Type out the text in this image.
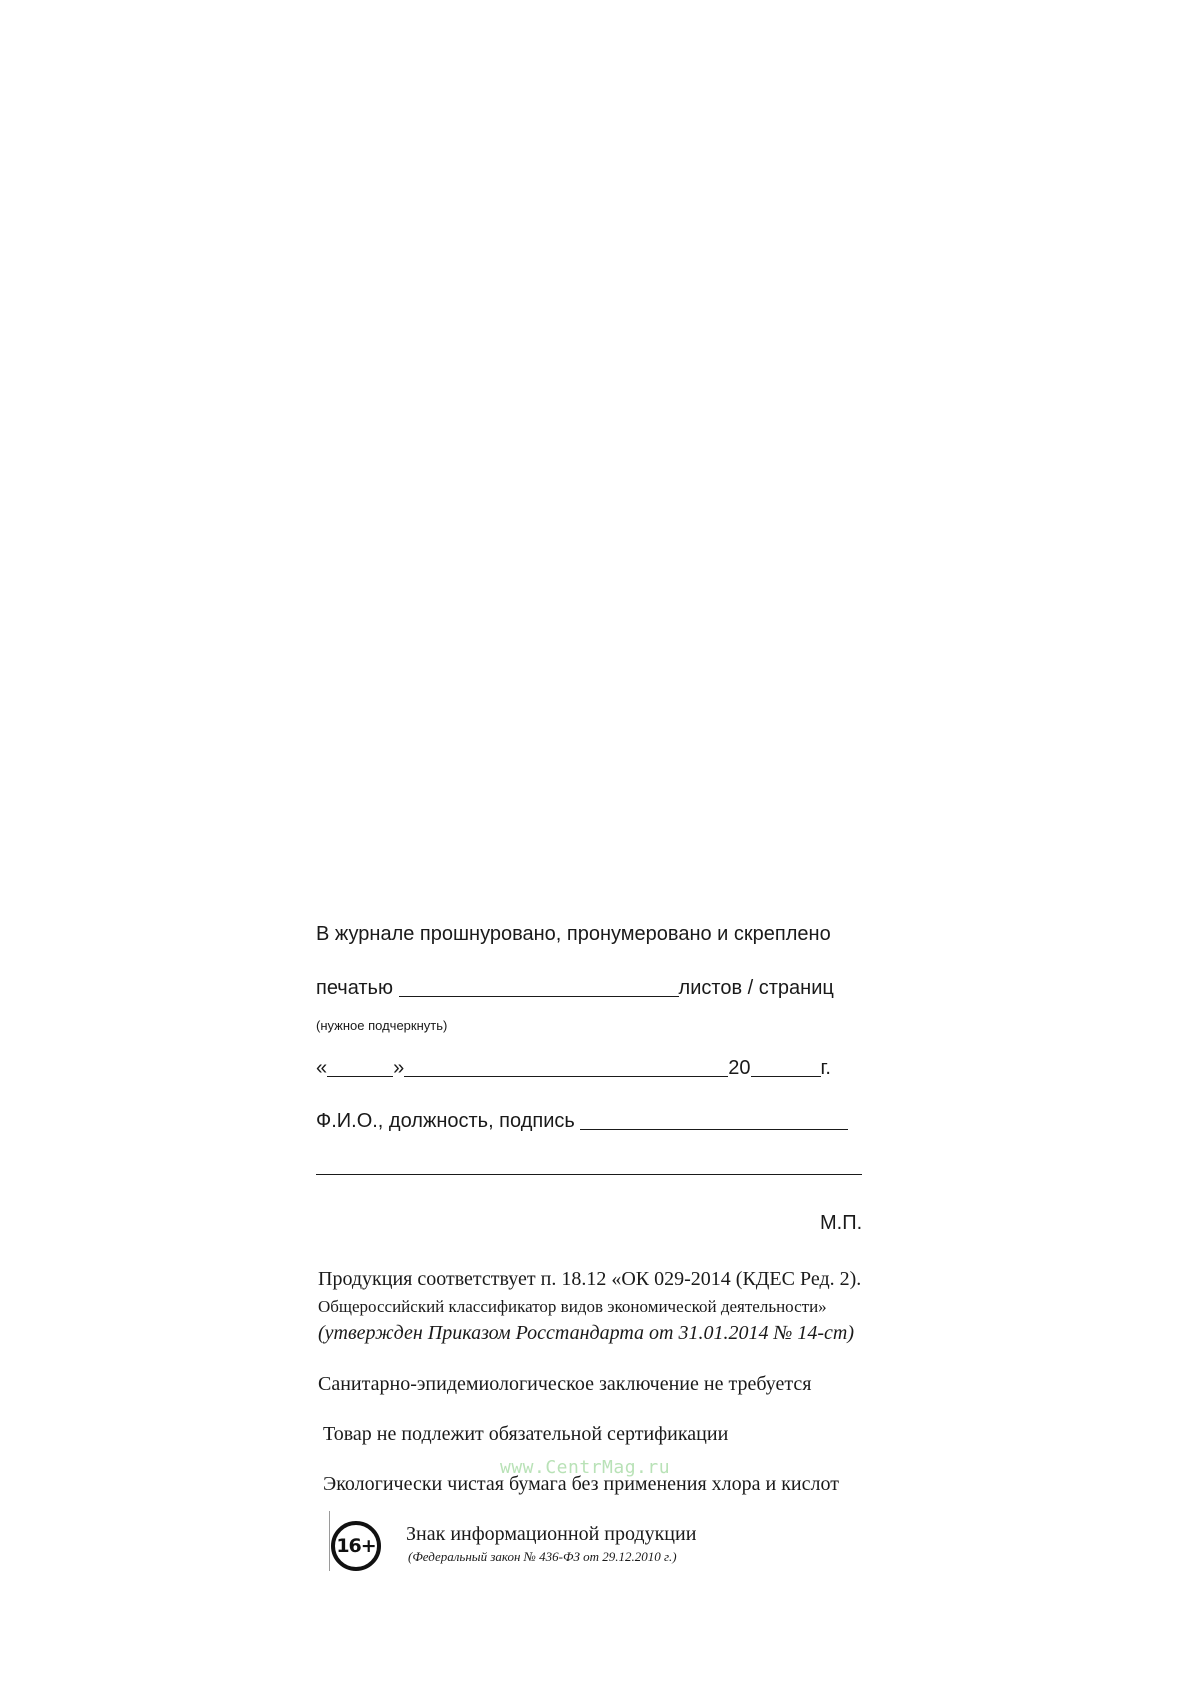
В журнале прошнуровано, пронумеровано и скреплено
печатью	листов / страниц
(нужное подчеркнуть)
«	»	20	г.
Ф.И.О., должность, подпись
М.П.
Продукция соответствует п. 18.12 «ОК 029-2014 (КДЕС Ред. 2).
Общероссийский классификатор видов экономической деятельности»
(утвержден Приказом Росстандарта от 31.01.2014 № 14-ст)
Санитарно-эпидемиологическое заключение не требуется
Товар не подлежит обязательной сертификации
Экологически чистая бумага без применения хлора и кислот
www.CentrMag.ru
16+
Знак информационной продукции
(Федеральный закон № 436-ФЗ от 29.12.2010 г.)
